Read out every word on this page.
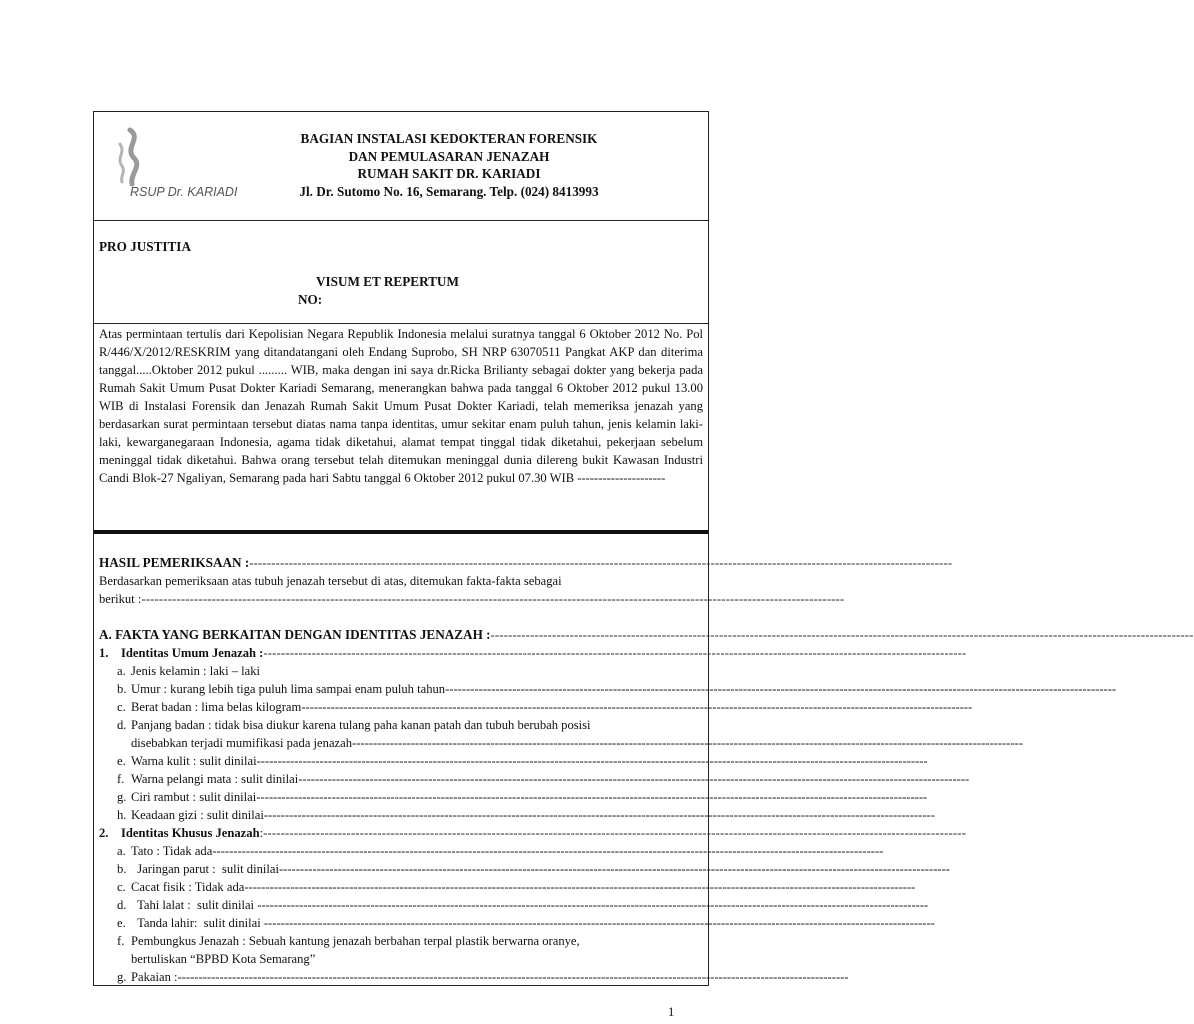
RSUP Dr. KARIADI
BAGIAN INSTALASI KEDOKTERAN FORENSIK
DAN PEMULASARAN JENAZAH
RUMAH SAKIT DR. KARIADI
Jl. Dr. Sutomo No. 16, Semarang. Telp. (024) 8413993
PRO JUSTITIA
VISUM ET REPERTUM
NO:
Atas permintaan tertulis dari Kepolisian Negara Republik Indonesia melalui suratnya tanggal 6 Oktober 2012 No. Pol R/446/X/2012/RESKRIM yang ditandatangani oleh Endang Suprobo, SH NRP 63070511 Pangkat AKP dan diterima tanggal.....Oktober 2012 pukul ......... WIB, maka dengan ini saya dr.Ricka Brilianty sebagai dokter yang bekerja pada Rumah Sakit Umum Pusat Dokter Kariadi Semarang, menerangkan bahwa pada tanggal 6 Oktober 2012 pukul 13.00 WIB di Instalasi Forensik dan Jenazah Rumah Sakit Umum Pusat Dokter Kariadi, telah memeriksa jenazah yang berdasarkan surat permintaan tersebut diatas nama tanpa identitas, umur sekitar enam puluh tahun, jenis kelamin laki-laki, kewarganegaraan Indonesia, agama tidak diketahui, alamat tempat tinggal tidak diketahui, pekerjaan sebelum meninggal tidak diketahui. Bahwa orang tersebut telah ditemukan meninggal dunia dilereng bukit Kawasan Industri Candi Blok-27 Ngaliyan, Semarang pada hari Sabtu tanggal 6 Oktober 2012 pukul 07.30 WIB ---------------------
HASIL PEMERIKSAAN : ----------------------------------------------------------------------------------------------------------------------------------------------------------------
Berdasarkan pemeriksaan atas tubuh jenazah tersebut di atas, ditemukan fakta-fakta sebagai
berikut : ----------------------------------------------------------------------------------------------------------------------------------------------------------------
A. FAKTA YANG BERKAITAN DENGAN IDENTITAS JENAZAH : ----------------------------------------------------------------------------------------------------------------------------------------------------------------
1. Identitas Umum Jenazah : ----------------------------------------------------------------------------------------------------------------------------------------------------------------
a. Jenis kelamin : laki – laki
b. Umur : kurang lebih tiga puluh lima sampai enam puluh tahun ----------------------------------------------------------------------------------------------------------------------------------------------------------------
c. Berat badan : lima belas kilogram ----------------------------------------------------------------------------------------------------------------------------------------------------------------
d. Panjang badan : tidak bisa diukur karena tulang paha kanan patah dan tubuh berubah posisi
disebabkan terjadi mumifikasi pada jenazah ----------------------------------------------------------------------------------------------------------------------------------------------------------------
e. Warna kulit : sulit dinilai ----------------------------------------------------------------------------------------------------------------------------------------------------------------
f. Warna pelangi mata : sulit dinilai ----------------------------------------------------------------------------------------------------------------------------------------------------------------
g. Ciri rambut : sulit dinilai ----------------------------------------------------------------------------------------------------------------------------------------------------------------
h. Keadaan gizi : sulit dinilai ----------------------------------------------------------------------------------------------------------------------------------------------------------------
2. Identitas Khusus Jenazah : ----------------------------------------------------------------------------------------------------------------------------------------------------------------
a. Tato : Tidak ada ----------------------------------------------------------------------------------------------------------------------------------------------------------------
b. Jaringan parut :  sulit dinilai ----------------------------------------------------------------------------------------------------------------------------------------------------------------
c. Cacat fisik : Tidak ada ----------------------------------------------------------------------------------------------------------------------------------------------------------------
d. Tahi lalat :  sulit dinilai ----------------------------------------------------------------------------------------------------------------------------------------------------------------
e. Tanda lahir:  sulit dinilai ----------------------------------------------------------------------------------------------------------------------------------------------------------------
f. Pembungkus Jenazah : Sebuah kantung jenazah berbahan terpal plastik berwarna oranye,
bertuliskan “BPBD Kota Semarang”
g. Pakaian : ----------------------------------------------------------------------------------------------------------------------------------------------------------------
1
